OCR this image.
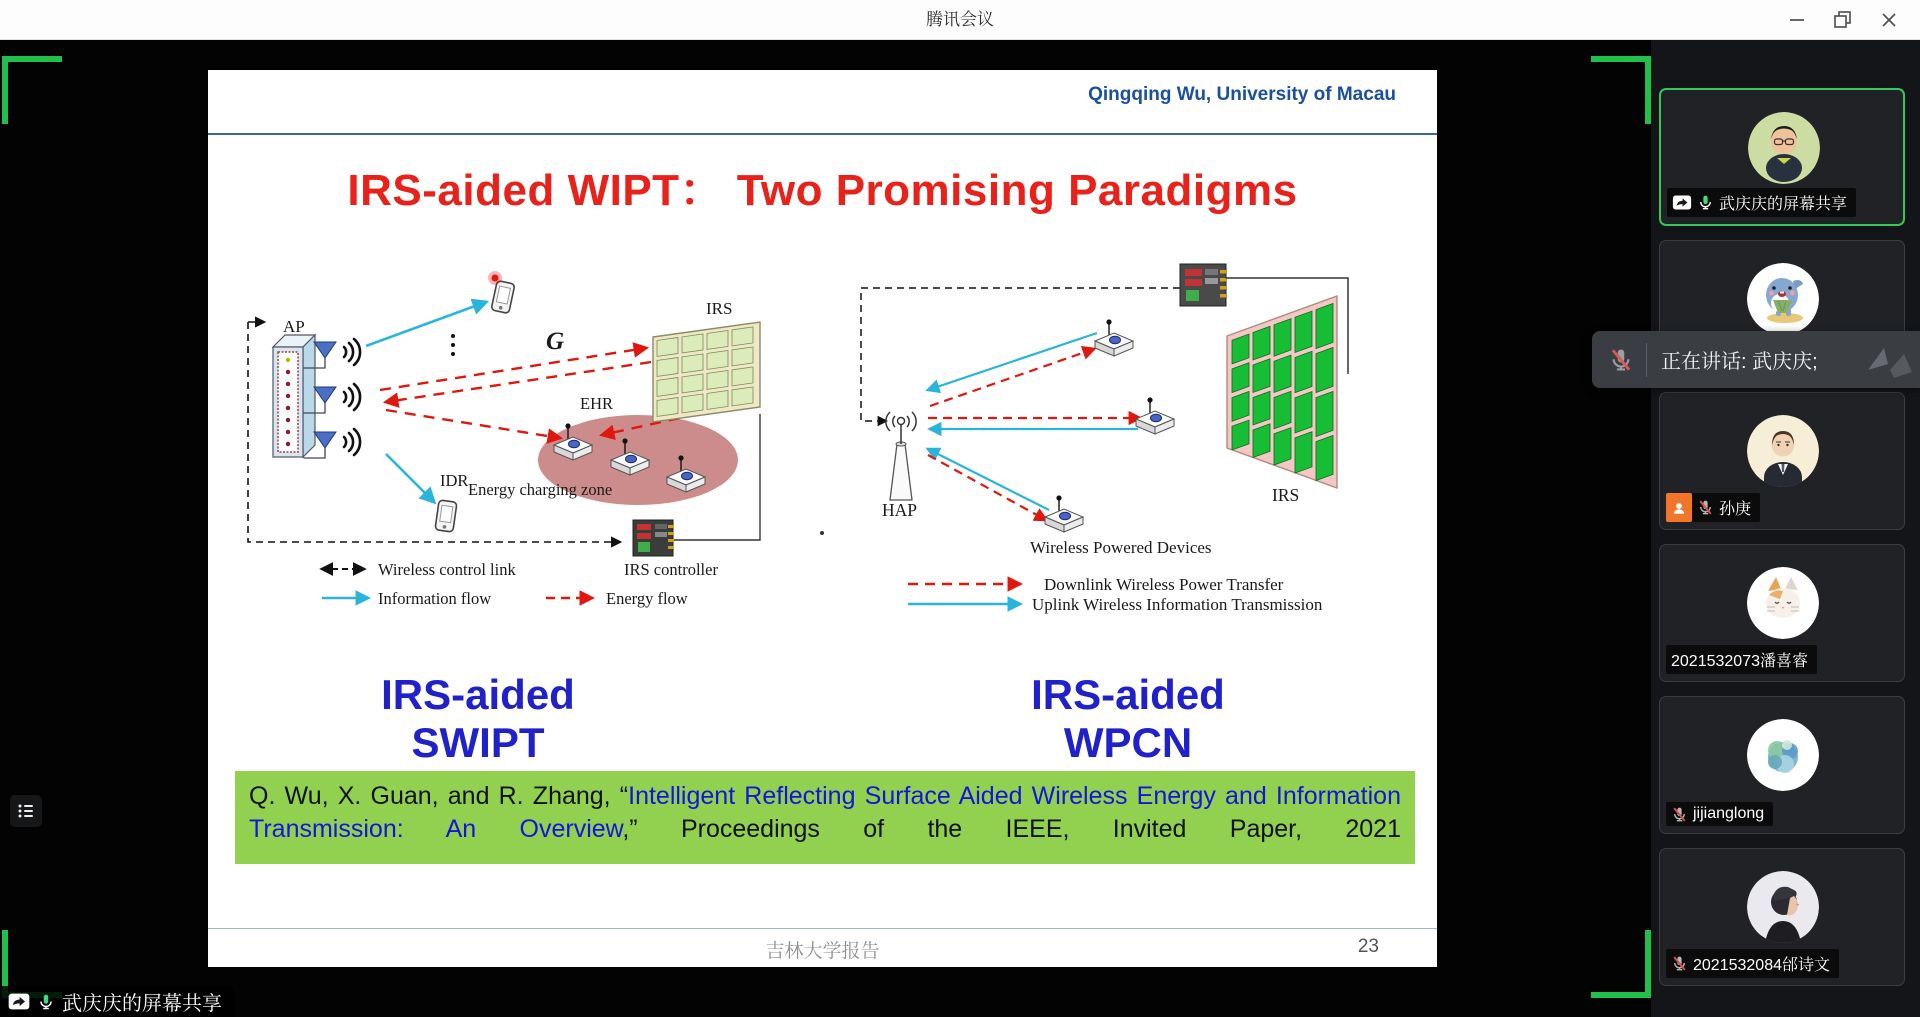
腾讯会议
Qingqing Wu, University of Macau
IRS-aided WIPT： Two Promising Paradigms
AP
G
IRS
EHR
Energy charging zone
IDR
Wireless control link	IRS controller
Information flow	Energy flow
HAP
Wireless Powered Devices
IRS
Downlink Wireless Power Transfer
Uplink Wireless Information Transmission
IRS-aided SWIPT
IRS-aided WPCN
Q. Wu, X. Guan, and R. Zhang, “Intelligent Reflecting Surface Aided Wireless Energy and Information Transmission: An Overview,” Proceedings of the IEEE, Invited Paper, 2021
吉林大学报告	23
武庆庆的屏幕共享
武庆庆的屏幕共享
孙庚
2021532073潘喜睿
jijianglong
2021532084邰诗文
正在讲话: 武庆庆;
